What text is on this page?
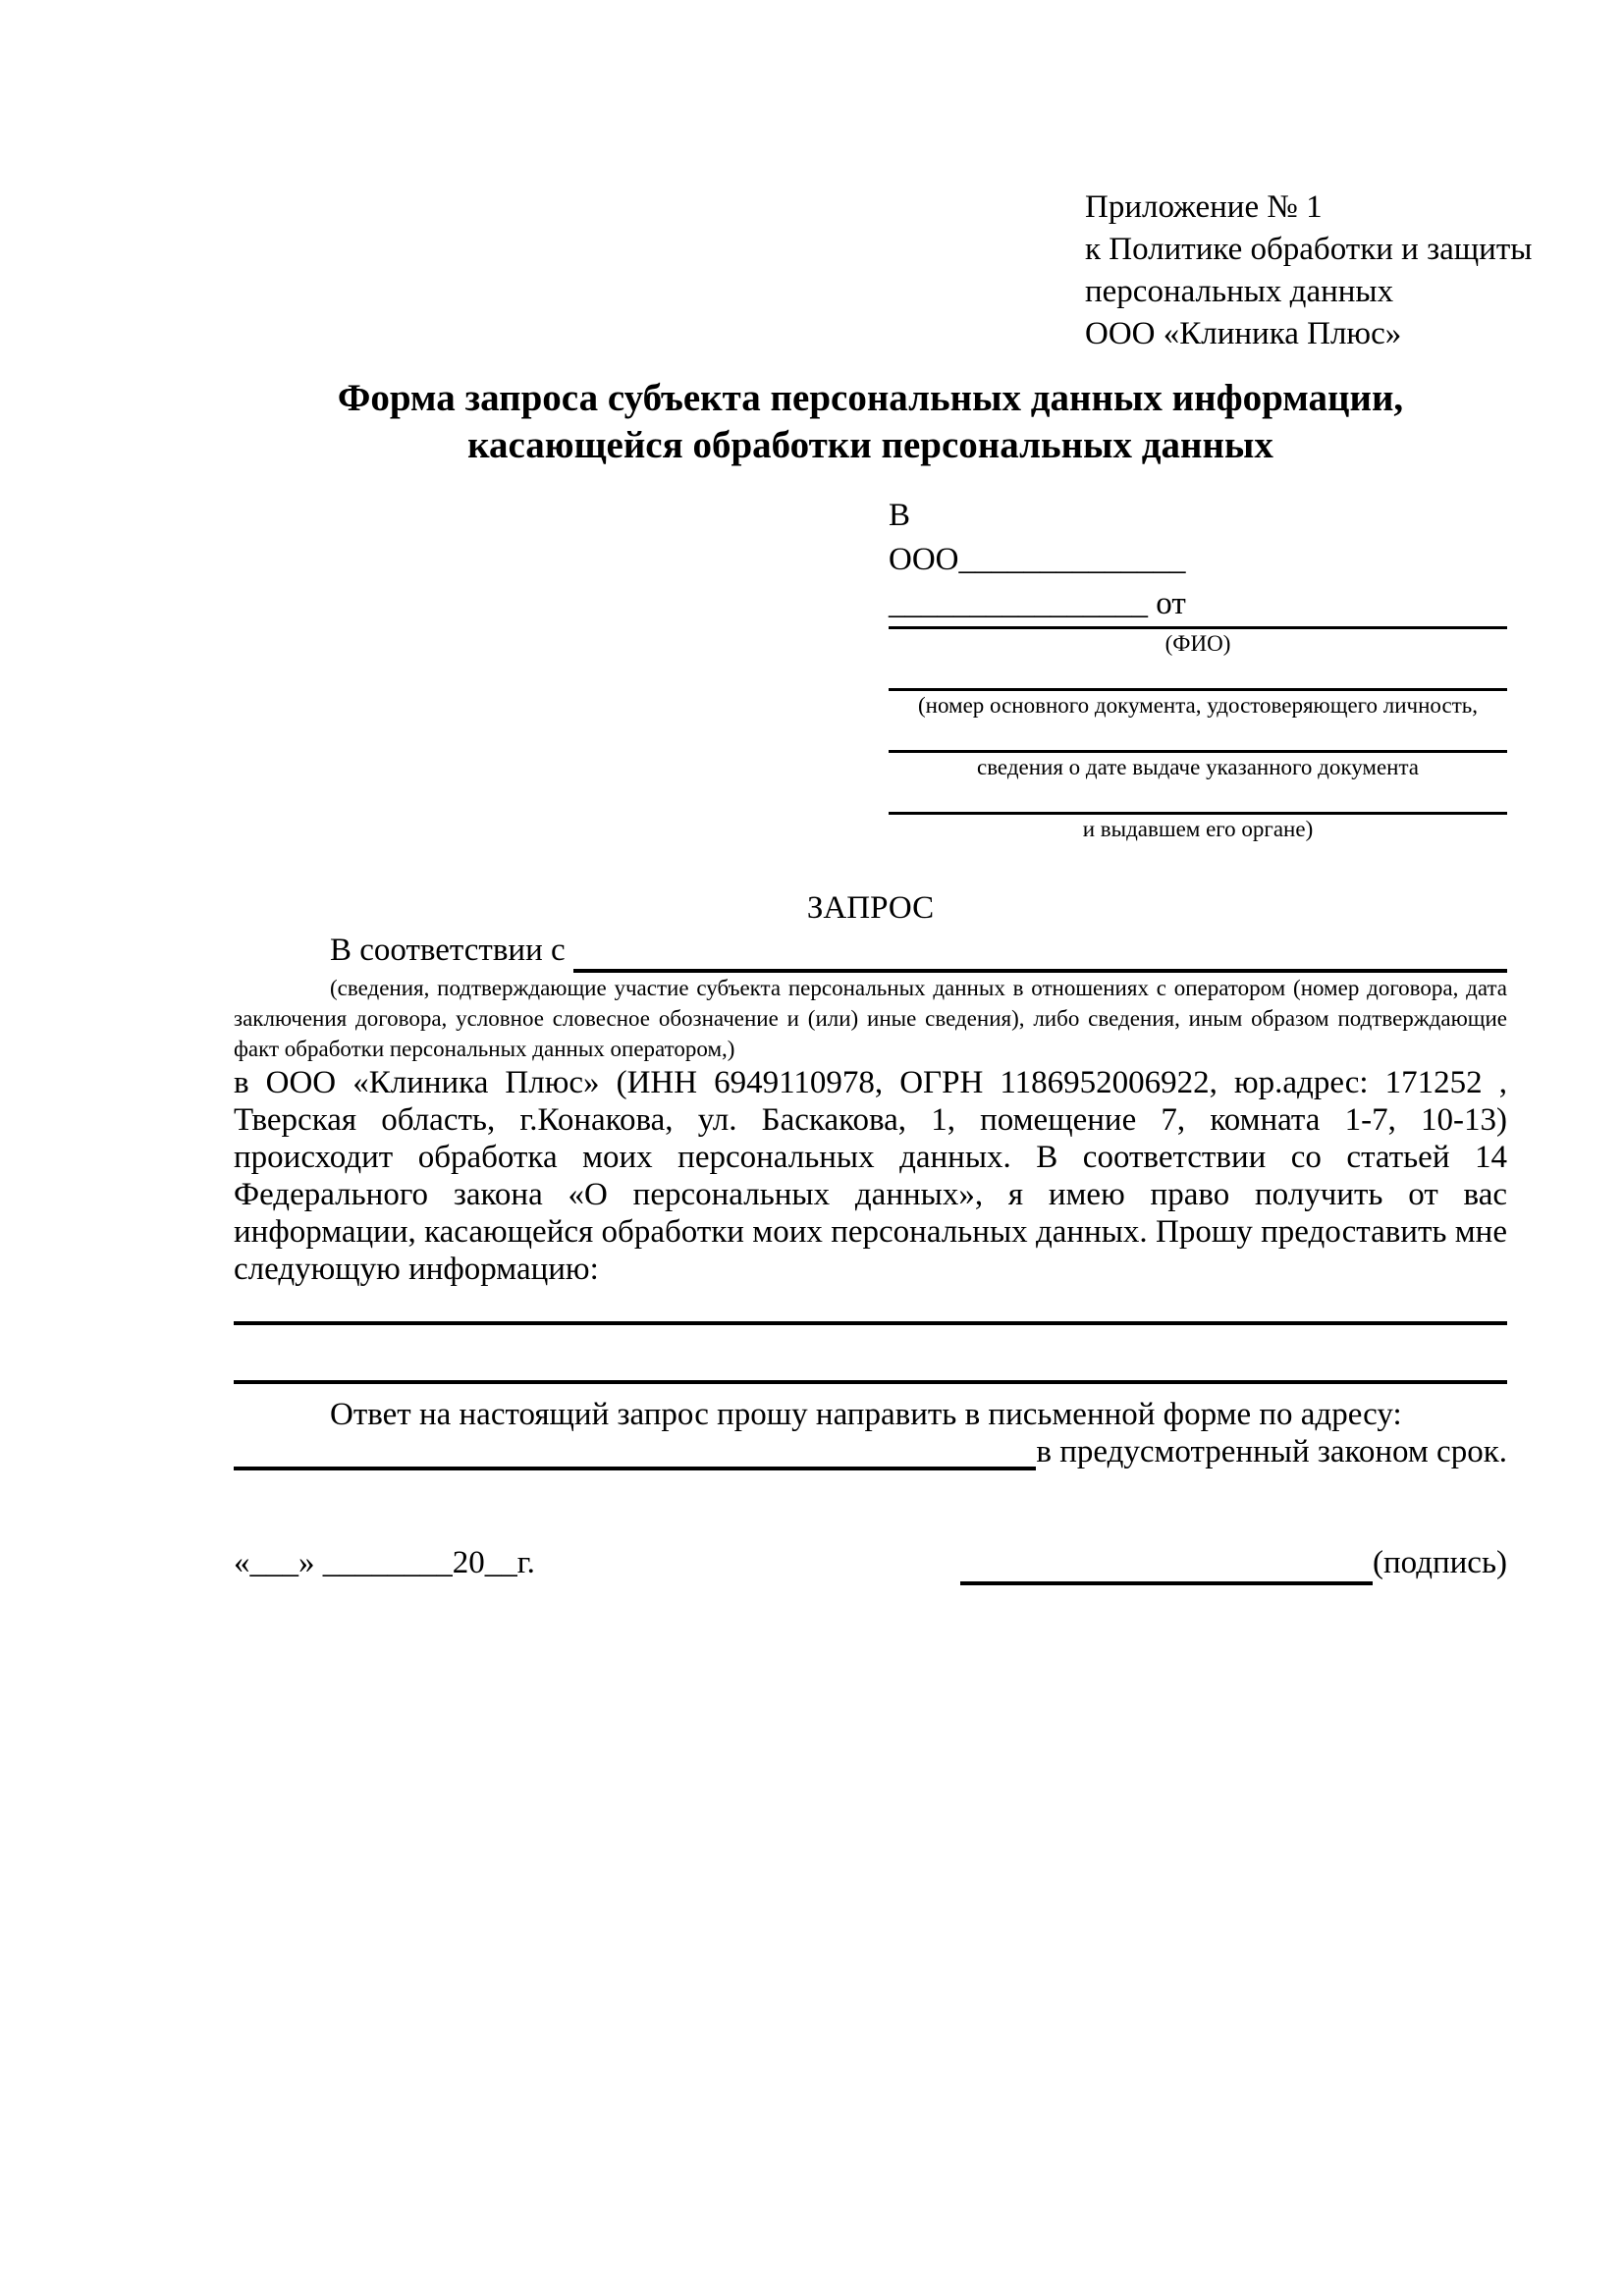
Приложение № 1
к Политике обработки и защиты
персональных данных
ООО «Клиника Плюс»
Форма запроса субъекта персональных данных информации,
касающейся обработки персональных данных
В
ООО______________
________________ от
(ФИО)
(номер основного документа, удостоверяющего личность,
сведения о дате выдаче указанного документа
и выдавшем его органе)
ЗАПРОС
В соответствии с
(сведения, подтверждающие участие субъекта персональных данных в отношениях с оператором (номер договора, дата заключения договора, условное словесное обозначение и (или) иные сведения), либо сведения, иным образом подтверждающие факт обработки персональных данных оператором,)
в ООО «Клиника Плюс» (ИНН 6949110978, ОГРН 1186952006922, юр.адрес: 171252 , Тверская область, г.Конакова, ул. Баскакова, 1, помещение 7, комната 1-7, 10-13) происходит обработка моих персональных данных. В соответствии со статьей 14 Федерального закона «О персональных данных», я имею право получить от вас информации, касающейся обработки моих персональных данных. Прошу предоставить мне следующую информацию:
Ответ на настоящий запрос прошу направить в письменной форме по адресу:
в предусмотренный законом срок.
«___» ________20__г.	(подпись)
